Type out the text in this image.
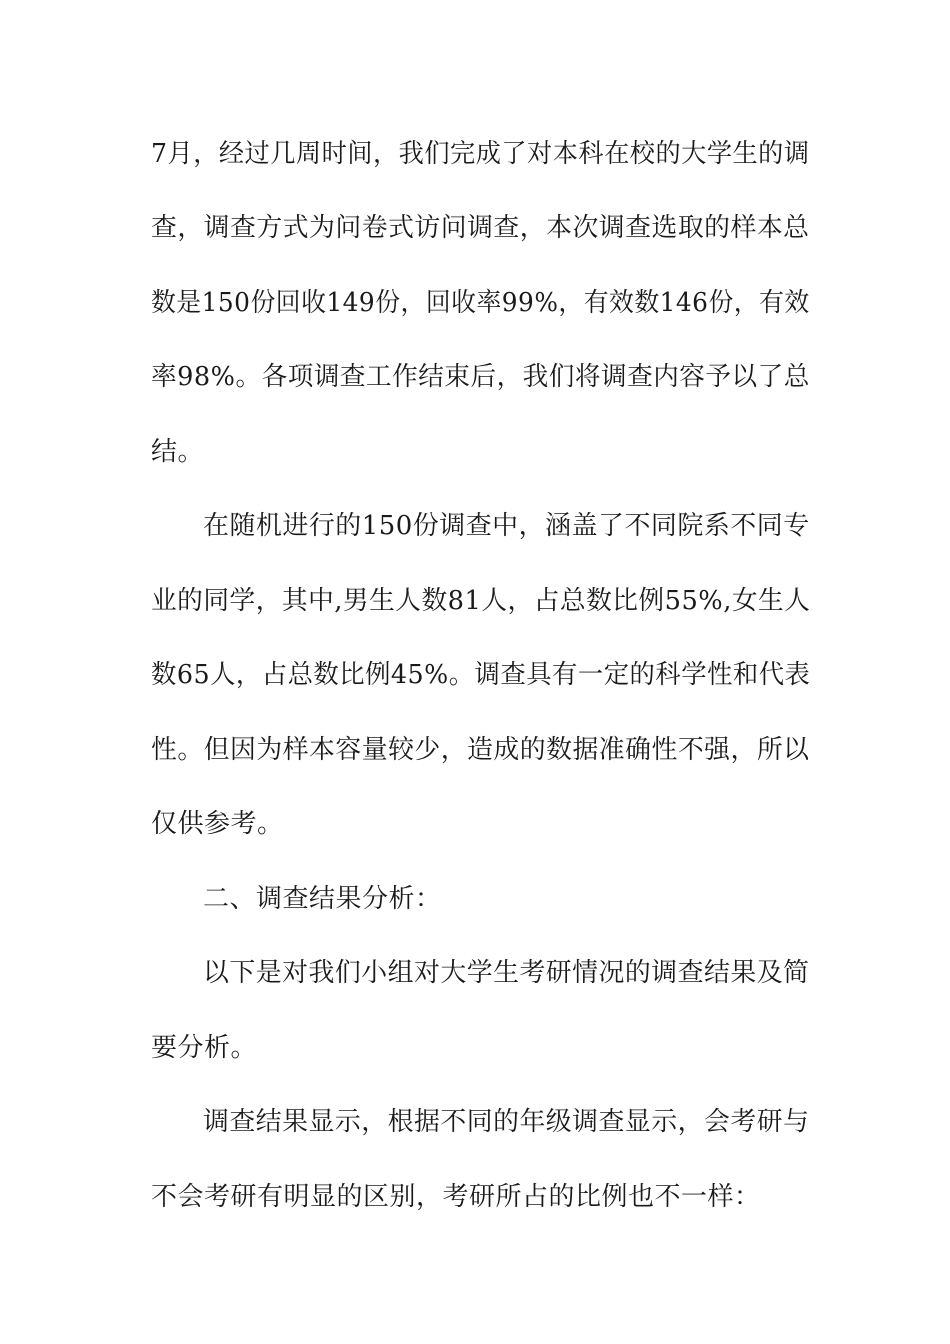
7月，经过几周时间，我们完成了对本科在校的大学生的调
查，调查方式为问卷式访问调查，本次调查选取的样本总
数是150份回收149份，回收率99%，有效数146份，有效
率98%。各项调查工作结束后，我们将调查内容予以了总
结。
在随机进行的150份调查中，涵盖了不同院系不同专
业的同学，其中,男生人数81人，占总数比例55%,女生人
数65人，占总数比例45%。调查具有一定的科学性和代表
性。但因为样本容量较少，造成的数据准确性不强，所以
仅供参考。
二、调查结果分析：
以下是对我们小组对大学生考研情况的调查结果及简
要分析。
调查结果显示，根据不同的年级调查显示，会考研与
不会考研有明显的区别，考研所占的比例也不一样：
